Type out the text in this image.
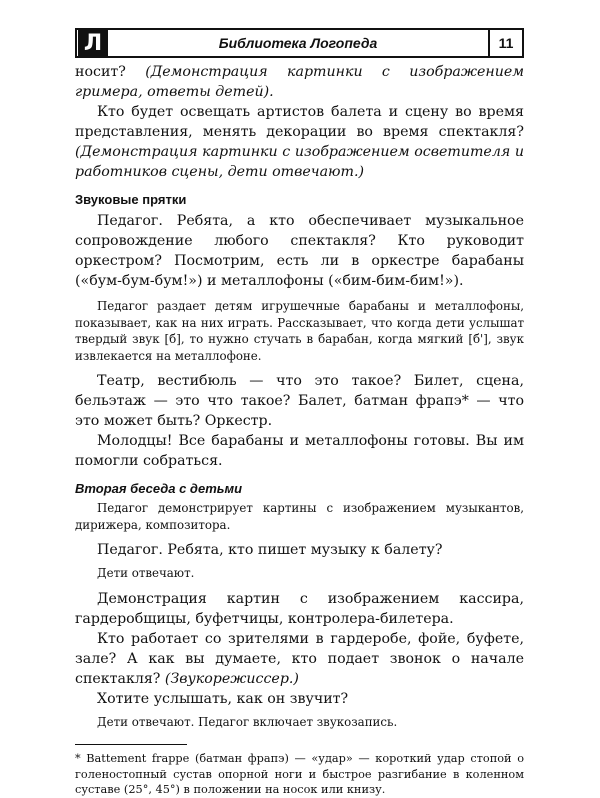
Л	Библиотека Логопеда	11

носит? (Демонстрация картинки с изображением гримера, ответы детей).

Кто будет освещать артистов балета и сцену во время представления, менять декорации во время спектакля? (Демонстрация картинки с изображением осветителя и работников сцены, дети отвечают.)

Звуковые прятки

Педагог. Ребята, а кто обеспечивает музыкальное сопровождение любого спектакля? Кто руководит оркестром? Посмотрим, есть ли в оркестре барабаны («бум-бум-бум!») и металлофоны («бим-бим-бим!»).

Педагог раздает детям игрушечные барабаны и металлофоны, показывает, как на них играть. Рассказывает, что когда дети услышат твердый звук [б], то нужно стучать в барабан, когда мягкий [б'], звук извлекается на металлофоне.

Театр, вестибюль — что это такое? Билет, сцена, бельэтаж — это что такое? Балет, батман фрапэ* — что это может быть? Оркестр.

Молодцы! Все барабаны и металлофоны готовы. Вы им помогли собраться.

Вторая беседа с детьми

Педагог демонстрирует картины с изображением музыкантов, дирижера, композитора.

Педагог. Ребята, кто пишет музыку к балету?

Дети отвечают.

Демонстрация картин с изображением кассира, гардеробщицы, буфетчицы, контролера-билетера.

Кто работает со зрителями в гардеробе, фойе, буфете, зале? А как вы думаете, кто подает звонок о начале спектакля? (Звукорежиссер.)

Хотите услышать, как он звучит?

Дети отвечают. Педагог включает звукозапись.

* Battement frappe (батман фрапэ) — «удар» — короткий удар стопой о голеностопный сустав опорной ноги и быстрое разгибание в коленном суставе (25°, 45°) в положении на носок или книзу.
